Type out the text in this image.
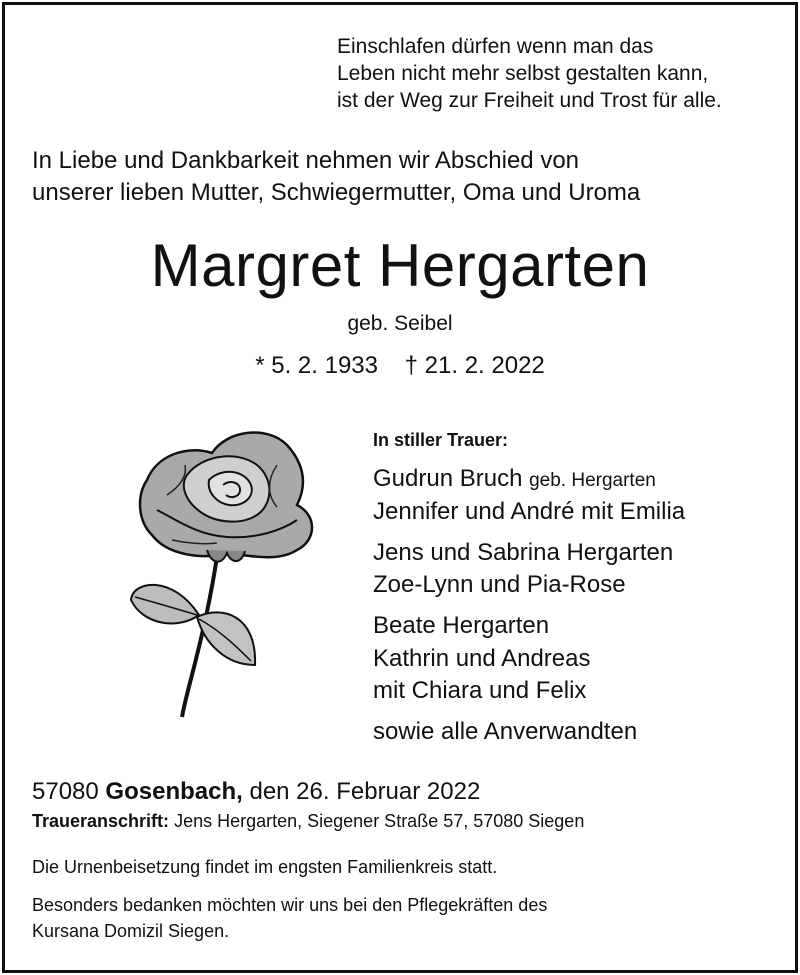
Einschlafen dürfen wenn man das
Leben nicht mehr selbst gestalten kann,
ist der Weg zur Freiheit und Trost für alle.
In Liebe und Dankbarkeit nehmen wir Abschied von
unserer lieben Mutter, Schwiegermutter, Oma und Uroma
Margret Hergarten
geb. Seibel
* 5. 2. 1933 † 21. 2. 2022
In stiller Trauer:
Gudrun Bruch geb. Hergarten
Jennifer und André mit Emilia
Jens und Sabrina Hergarten
Zoe-Lynn und Pia-Rose
Beate Hergarten
Kathrin und Andreas
mit Chiara und Felix
sowie alle Anverwandten
57080 Gosenbach, den 26. Februar 2022
Traueranschrift: Jens Hergarten, Siegener Straße 57, 57080 Siegen
Die Urnenbeisetzung findet im engsten Familienkreis statt.
Besonders bedanken möchten wir uns bei den Pflegekräften des
Kursana Domizil Siegen.
